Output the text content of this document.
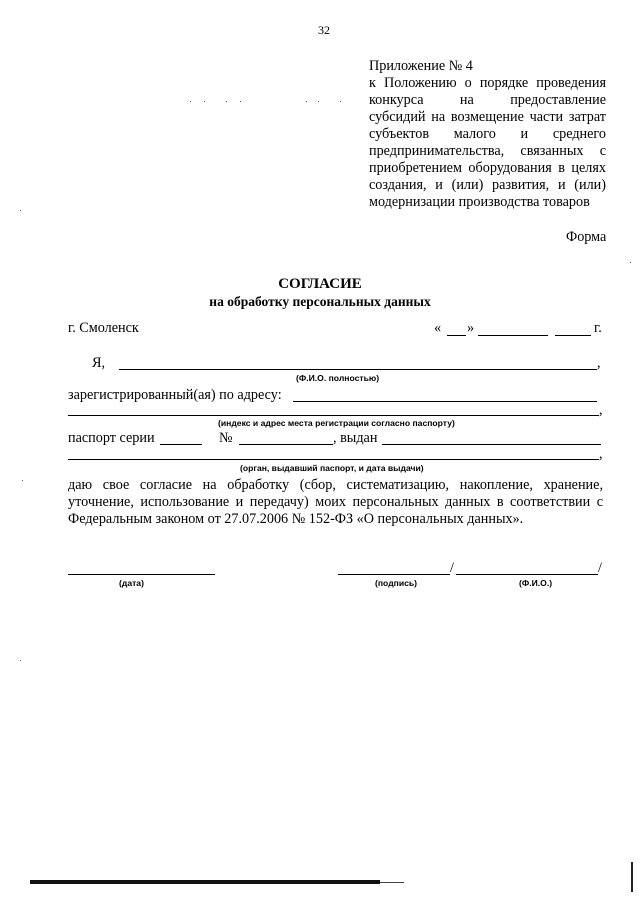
32
Приложение № 4
к Положению о порядке проведения
конкурса на предоставление
субсидий на возмещение части затрат
субъектов малого и среднего
предпринимательства, связанных с
приобретением оборудования в целях
создания, и (или) развития, и (или)
модернизации производства товаров
Форма
СОГЛАСИЕ
на обработку персональных данных
г. Смоленск	« »	г.
Я,	,
(Ф.И.О. полностью)
зарегистрированный(ая) по адресу:
,
(индекс и адрес места регистрации согласно паспорту)
паспорт серии	№	, выдан
,
(орган, выдавший паспорт, и дата выдачи)
даю свое согласие на обработку (сбор, систематизацию, накопление, хранение,
уточнение, использование и передачу) моих персональных данных в соответствии с
Федеральным законом от 27.07.2006 № 152-ФЗ «О персональных данных».
(дата)
/	/
(подпись)	(Ф.И.О.)
